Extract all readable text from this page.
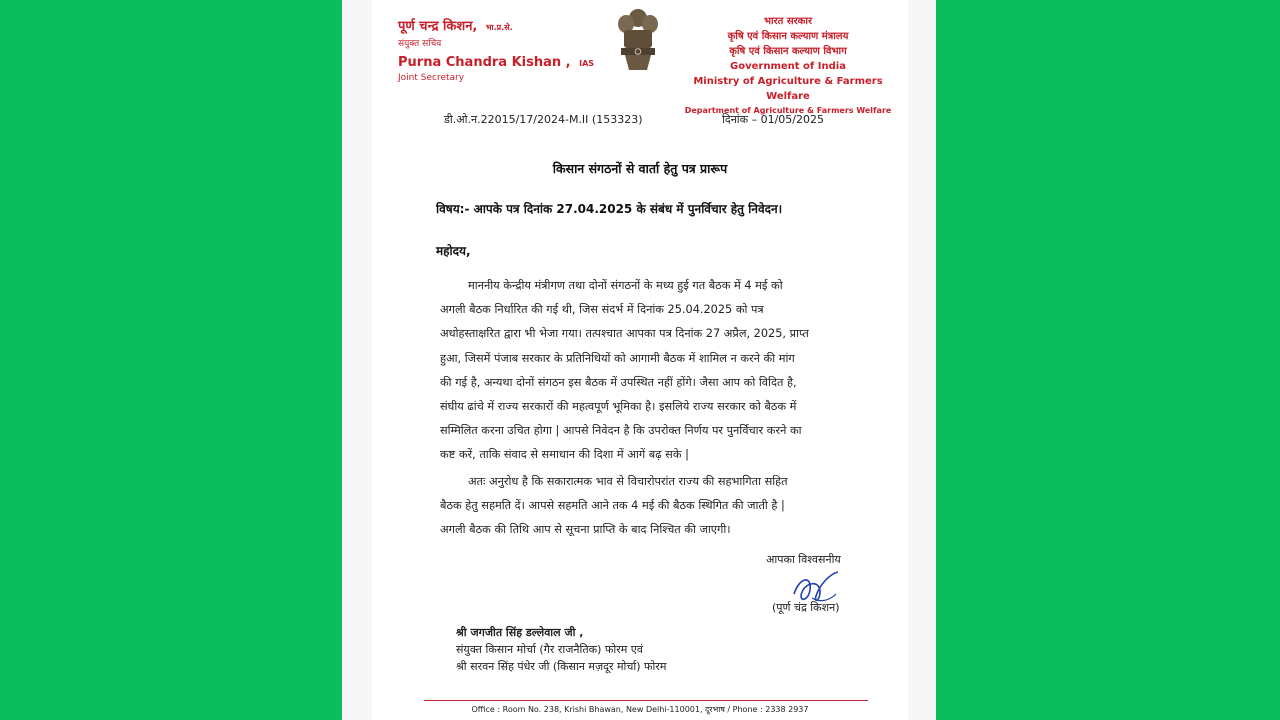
पूर्ण चन्द्र किशन, भा.प्र.से.
संयुक्त सचिव
Purna Chandra Kishan , IAS
Joint Secretary
भारत सरकार
कृषि एवं किसान कल्याण मंत्रालय
कृषि एवं किसान कल्याण विभाग
Government of India
Ministry of Agriculture & Farmers Welfare
Department of Agriculture & Farmers Welfare
डी.ओ.न.22015/17/2024-M.II (153323)	दिनांक – 01/05/2025
किसान संगठनों से वार्ता हेतु पत्र प्रारूप
विषय:- आपके पत्र दिनांक 27.04.2025 के संबंध में पुनर्विचार हेतु निवेदन।
महोदय,
माननीय केन्द्रीय मंत्रीगण तथा दोनों संगठनों के मध्य हुई गत बैठक में 4 मई को
अगली बैठक निर्धारित की गई थी, जिस संदर्भ में दिनांक 25.04.2025 को पत्र
अधोहस्ताक्षरित द्वारा भी भेजा गया। तत्पश्चात आपका पत्र दिनांक 27 अप्रैल, 2025, प्राप्त
हुआ, जिसमें पंजाब सरकार के प्रतिनिधियों को आगामी बैठक में शामिल न करने की मांग
की गई है, अन्यथा दोनों संगठन इस बैठक में उपस्थित नहीं होंगे। जैसा आप को विदित है,
संघीय ढांचे में राज्य सरकारों की महत्वपूर्ण भूमिका है। इसलिये राज्य सरकार को बैठक में
सम्मिलित करना उचित होगा | आपसे निवेदन है कि उपरोक्त निर्णय पर पुनर्विचार करने का
कष्ट करें, ताकि संवाद से समाधान की दिशा में आगें बढ़ सके |
अतः अनुरोध है कि सकारात्मक भाव से विचारोपरांत राज्य की सहभागिता सहित
बैठक हेतु सहमति दें। आपसे सहमति आने तक 4 मई की बैठक स्थिगित की जाती है |
अगली बैठक की तिथि आप से सूचना प्राप्ति के बाद निश्चित की जाएगी।
आपका विश्वसनीय
(पूर्ण चंद्र किशन)
श्री जगजीत सिंह डल्लेवाल जी ,
संयुक्त किसान मोर्चा (गैर राजनैतिक) फोरम एवं
श्री सरवन सिंह पंधेर जी (किसान मज़दूर मोर्चा) फोरम
Office : Room No. 238, Krishi Bhawan, New Delhi-110001, दूरभाष / Phone : 2338 2937
